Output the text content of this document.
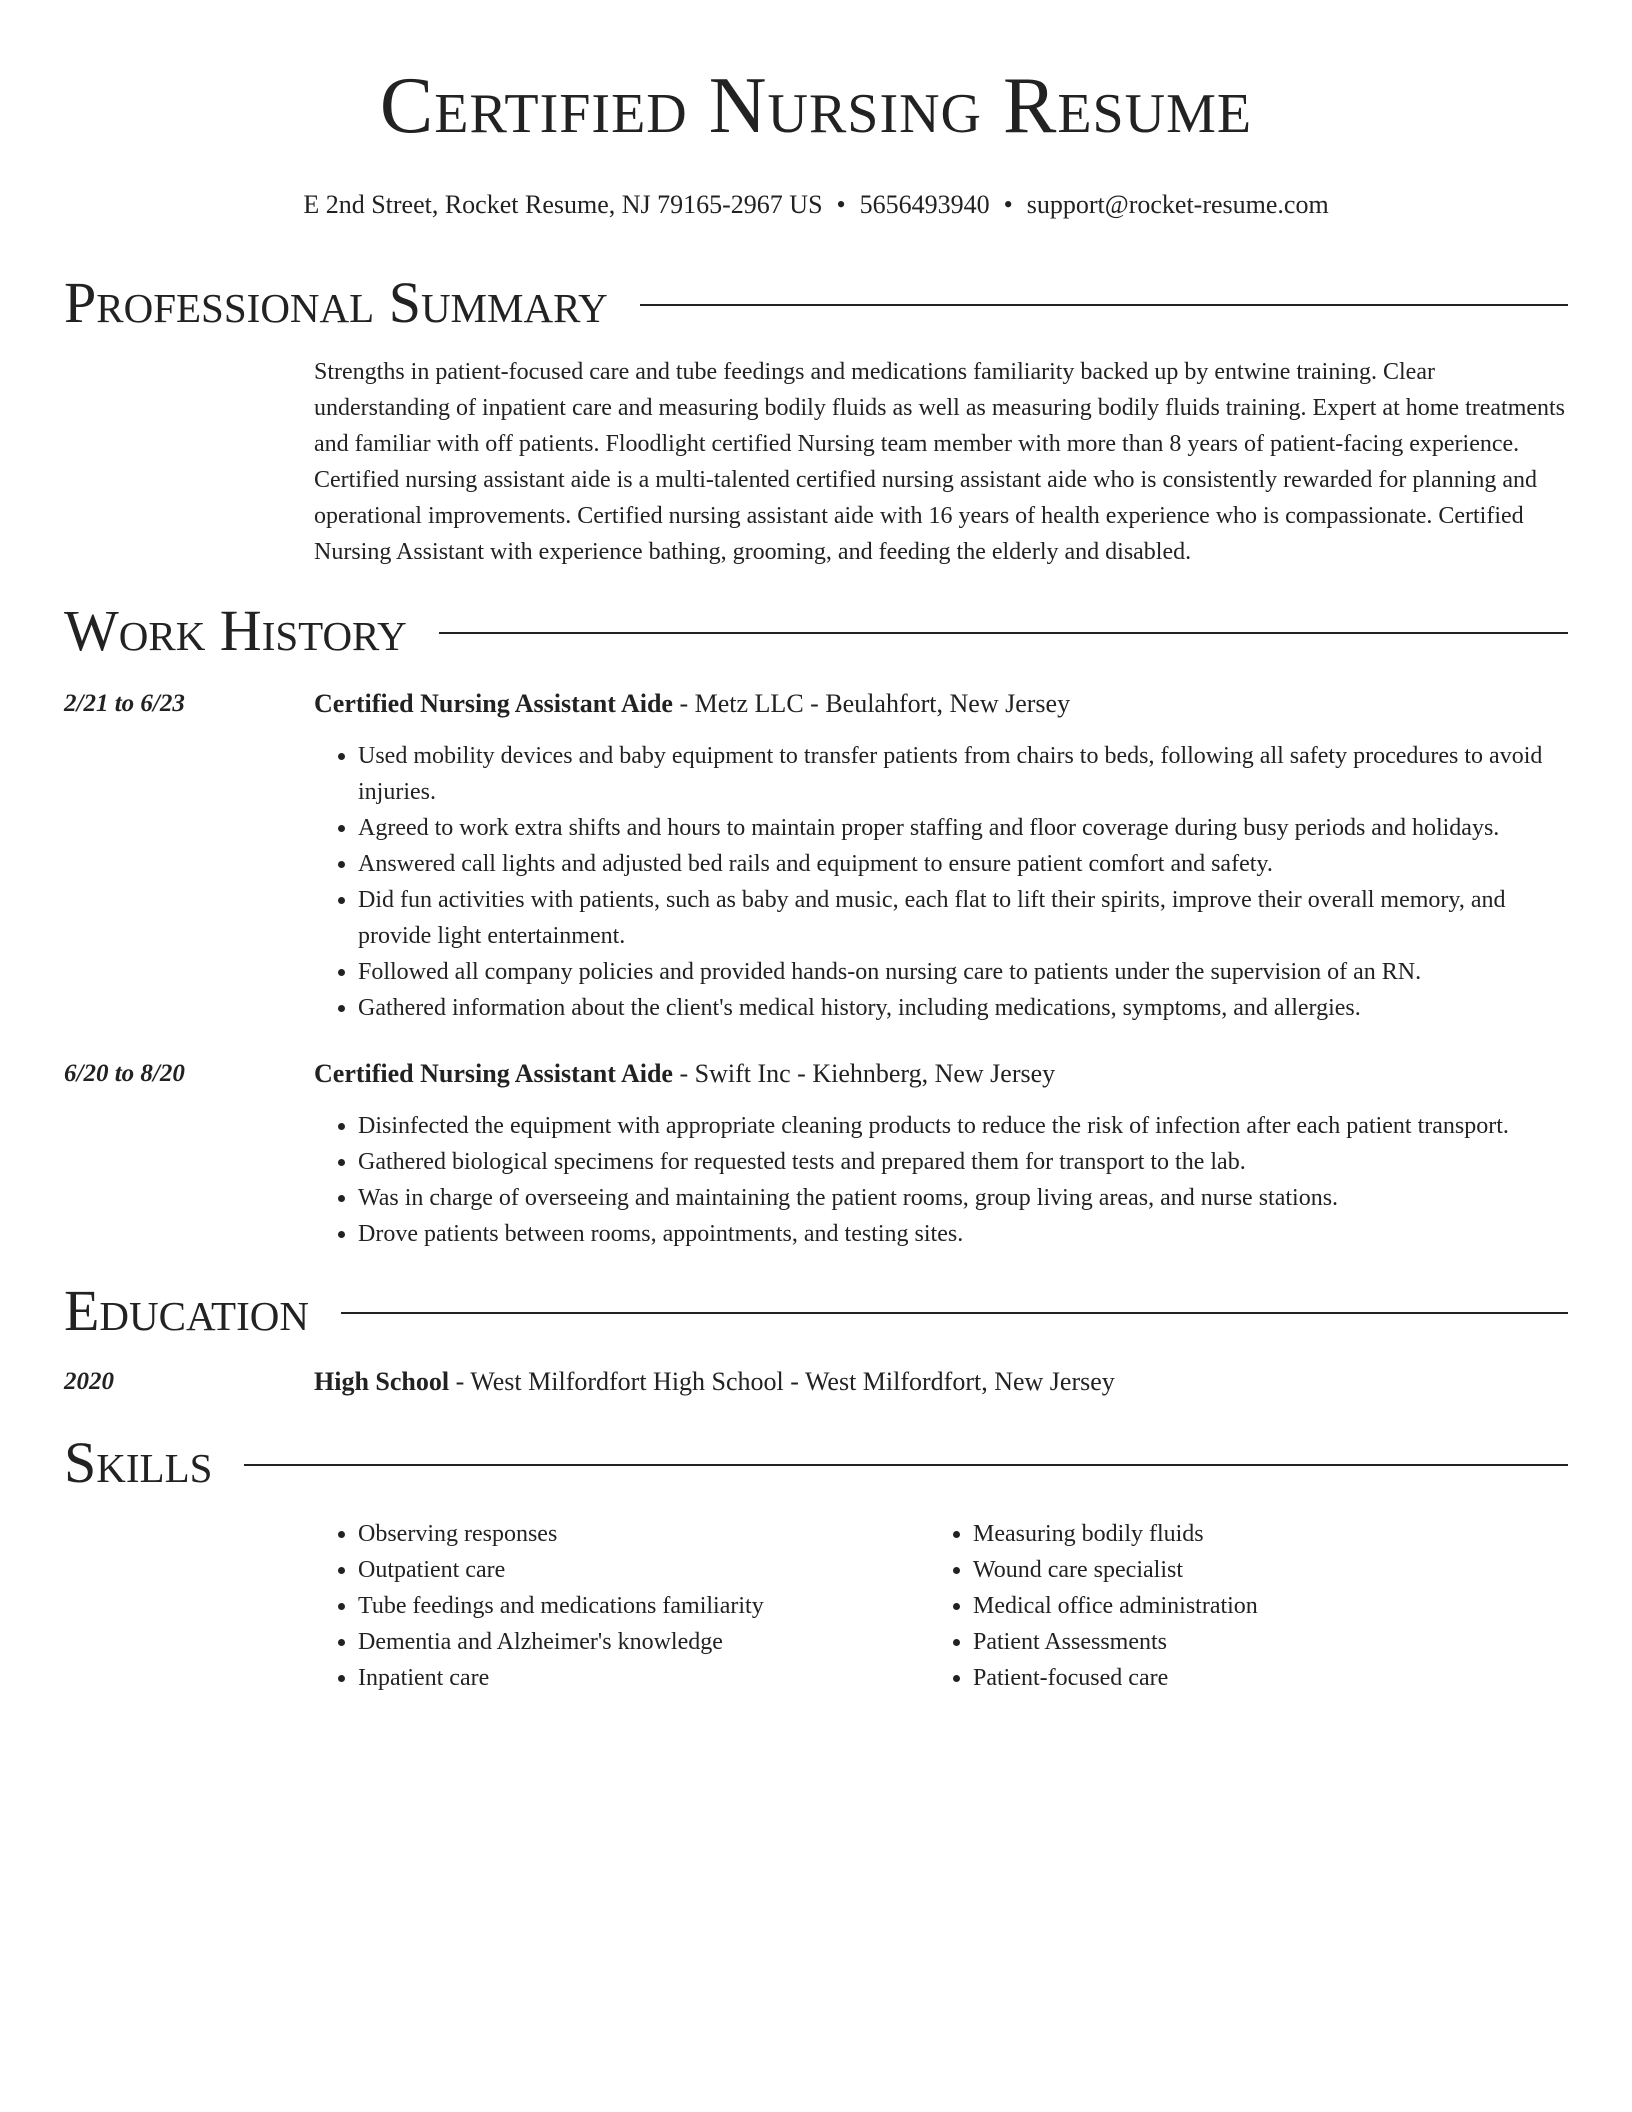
Certified Nursing Resume
E 2nd Street, Rocket Resume, NJ 79165-2967 US • 5656493940 • support@rocket-resume.com
Professional Summary

Strengths in patient-focused care and tube feedings and medications familiarity backed up by entwine training. Clear understanding of inpatient care and measuring bodily fluids as well as measuring bodily fluids training. Expert at home treatments and familiar with off patients. Floodlight certified Nursing team member with more than 8 years of patient-facing experience. Certified nursing assistant aide is a multi-talented certified nursing assistant aide who is consistently rewarded for planning and operational improvements. Certified nursing assistant aide with 16 years of health experience who is compassionate. Certified Nursing Assistant with experience bathing, grooming, and feeding the elderly and disabled.

Work History
2/21 to 6/23	Certified Nursing Assistant Aide - Metz LLC - Beulahfort, New Jersey
• Used mobility devices and baby equipment to transfer patients from chairs to beds, following all safety procedures to avoid injuries.
• Agreed to work extra shifts and hours to maintain proper staffing and floor coverage during busy periods and holidays.
• Answered call lights and adjusted bed rails and equipment to ensure patient comfort and safety.
• Did fun activities with patients, such as baby and music, each flat to lift their spirits, improve their overall memory, and provide light entertainment.
• Followed all company policies and provided hands-on nursing care to patients under the supervision of an RN.
• Gathered information about the client's medical history, including medications, symptoms, and allergies.
6/20 to 8/20	Certified Nursing Assistant Aide - Swift Inc - Kiehnberg, New Jersey
• Disinfected the equipment with appropriate cleaning products to reduce the risk of infection after each patient transport.
• Gathered biological specimens for requested tests and prepared them for transport to the lab.
• Was in charge of overseeing and maintaining the patient rooms, group living areas, and nurse stations.
• Drove patients between rooms, appointments, and testing sites.
Education
2020	High School - West Milfordfort High School - West Milfordfort, New Jersey
Skills
• Observing responses
• Outpatient care
• Tube feedings and medications familiarity
• Dementia and Alzheimer's knowledge
• Inpatient care
• Measuring bodily fluids
• Wound care specialist
• Medical office administration
• Patient Assessments
• Patient-focused care
